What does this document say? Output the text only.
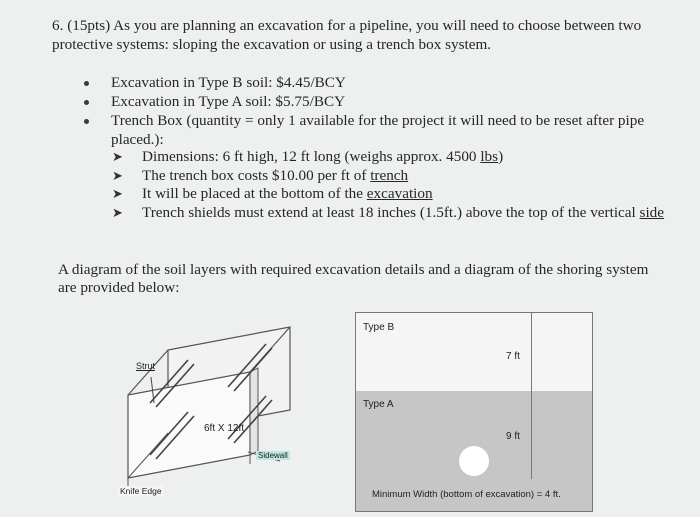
6. (15pts) As you are planning an excavation for a pipeline, you will need to choose between two protective systems: sloping the excavation or using a trench box system.
Excavation in Type B soil: $4.45/BCY
Excavation in Type A soil: $5.75/BCY
Trench Box (quantity = only 1 available for the project it will need to be reset after pipe placed.):
➤ Dimensions: 6 ft high, 12 ft long (weighs approx. 4500 lbs)
➤ The trench box costs $10.00 per ft of trench
➤ It will be placed at the bottom of the excavation
➤ Trench shields must extend at least 18 inches (1.5ft.) above the top of the vertical side
A diagram of the soil layers with required excavation details and a diagram of the shoring system are provided below:
Strut
6ft X 12ft
Sidewall
Knife Edge
Type B
7 ft
Type A
9 ft
Minimum Width (bottom of excavation) = 4 ft.
